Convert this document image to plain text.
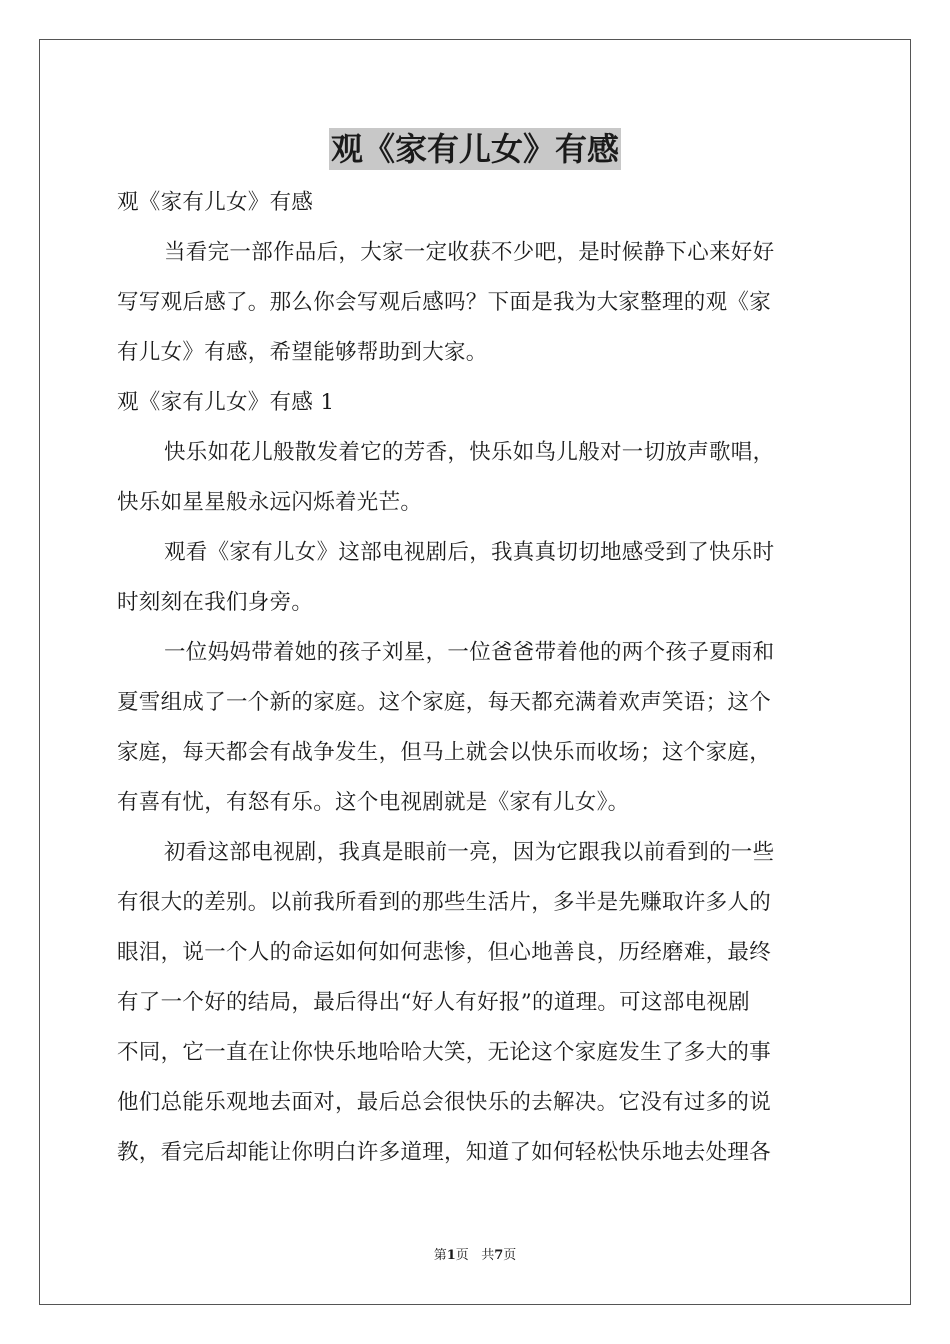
观《家有儿女》有感
观《家有儿女》有感
当看完一部作品后，大家一定收获不少吧，是时候静下心来好好
写写观后感了。那么你会写观后感吗？下面是我为大家整理的观《家
有儿女》有感，希望能够帮助到大家。
观《家有儿女》有感 1
快乐如花儿般散发着它的芳香，快乐如鸟儿般对一切放声歌唱，
快乐如星星般永远闪烁着光芒。
观看《家有儿女》这部电视剧后，我真真切切地感受到了快乐时
时刻刻在我们身旁。
一位妈妈带着她的孩子刘星，一位爸爸带着他的两个孩子夏雨和
夏雪组成了一个新的家庭。这个家庭，每天都充满着欢声笑语；这个
家庭，每天都会有战争发生，但马上就会以快乐而收场；这个家庭，
有喜有忧，有怒有乐。这个电视剧就是《家有儿女》。
初看这部电视剧，我真是眼前一亮，因为它跟我以前看到的一些
有很大的差别。以前我所看到的那些生活片，多半是先赚取许多人的
眼泪，说一个人的命运如何如何悲惨，但心地善良，历经磨难，最终
有了一个好的结局，最后得出“好人有好报”的道理。可这部电视剧
不同，它一直在让你快乐地哈哈大笑，无论这个家庭发生了多大的事
他们总能乐观地去面对，最后总会很快乐的去解决。它没有过多的说
教，看完后却能让你明白许多道理，知道了如何轻松快乐地去处理各
第1页 共7页
